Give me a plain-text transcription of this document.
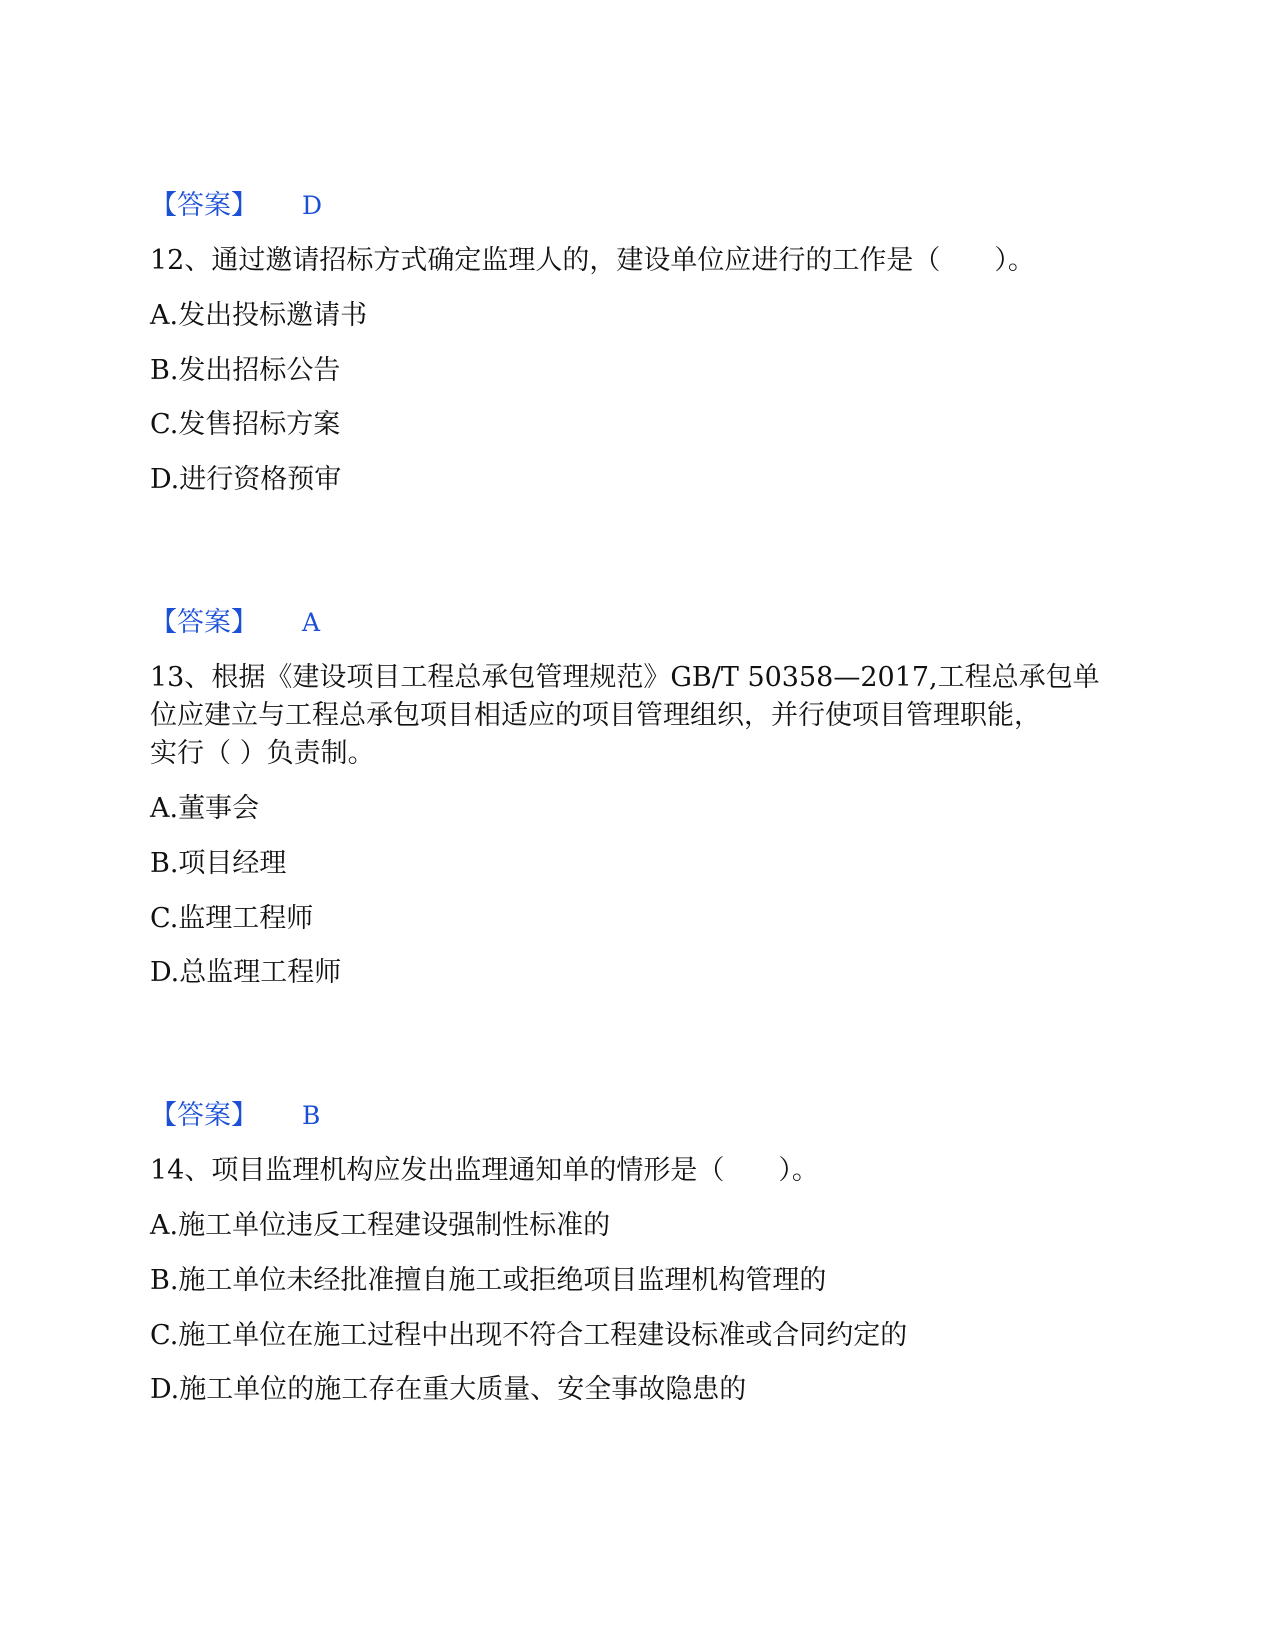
【答案】 D
12、通过邀请招标方式确定监理人的，建设单位应进行的工作是（　　）。
A.发出投标邀请书
B.发出招标公告
C.发售招标方案
D.进行资格预审
【答案】 A
13、根据《建设项目工程总承包管理规范》GB/T 50358—2017,工程总承包单
位应建立与工程总承包项目相适应的项目管理组织，并行使项目管理职能，
实行（ ）负责制。
A.董事会
B.项目经理
C.监理工程师
D.总监理工程师
【答案】 B
14、项目监理机构应发出监理通知单的情形是（　　）。
A.施工单位违反工程建设强制性标准的
B.施工单位未经批准擅自施工或拒绝项目监理机构管理的
C.施工单位在施工过程中出现不符合工程建设标准或合同约定的
D.施工单位的施工存在重大质量、安全事故隐患的
